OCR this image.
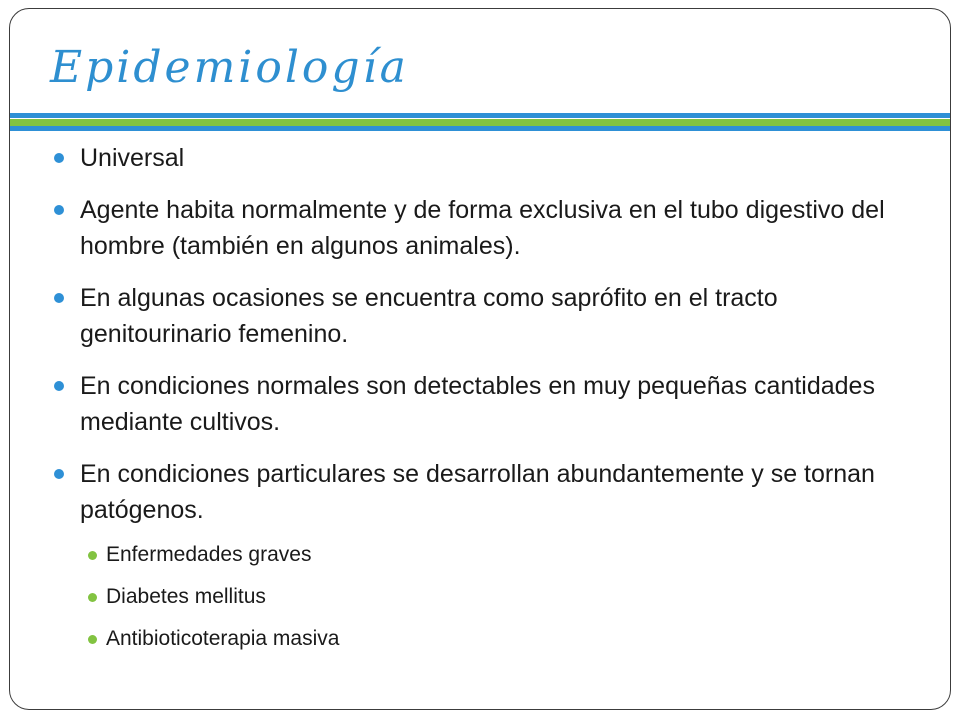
Epidemiología
Universal
Agente habita normalmente y de forma exclusiva en el tubo digestivo del hombre (también en algunos animales).
En algunas ocasiones se encuentra como saprófito en el tracto genitourinario femenino.
En condiciones normales son detectables en muy pequeñas cantidades mediante cultivos.
En condiciones particulares se desarrollan abundantemente y se tornan patógenos.
Enfermedades graves
Diabetes mellitus
Antibioticoterapia masiva
